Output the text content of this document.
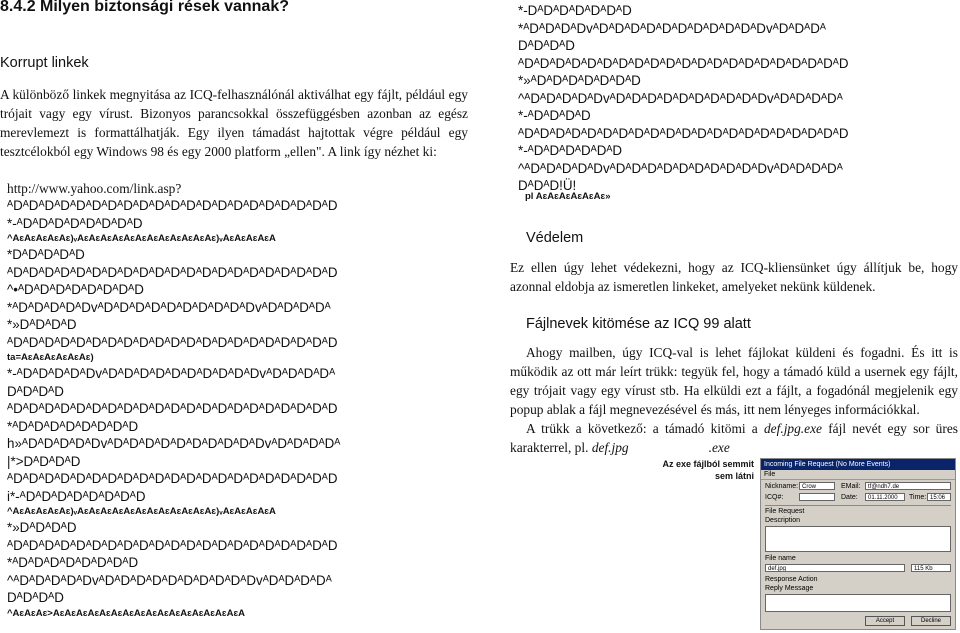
8.4.2 Milyen biztonsági rések vannak?

Korrupt linkek

A különböző linkek megnyitása az ICQ-felhasználónál aktiválhat egy fájlt, például egy trójait vagy egy vírust. Bizonyos parancsokkal összefüggésben azonban az egész merevlemezt is formattálhatják. Egy ilyen támadást hajtottak végre például egy tesztcélokból egy Windows 98 és egy 2000 platform „ellen". A link így nézhet ki:

http://www.yahoo.com/link.asp?
ᴬDᴬDᴬDᴬDᴬDᴬDᴬDᴬDᴬDᴬDᴬDᴬDᴬDᴬDᴬDᴬDᴬDᴬDᴬDᴬDᴬD
*-ᴬDᴬDᴬDᴬDᴬDᴬDᴬDᴬD
^AɛAɛAɛAɛAɛ)ᵥAɛAɛAɛAɛAɛAɛAɛAɛAɛAɛAɛAɛ)ᵥAɛAɛAɛAɛA
*DᴬDᴬDᴬDᴬD
ᴬDᴬDᴬDᴬDᴬDᴬDᴬDᴬDᴬDᴬDᴬDᴬDᴬDᴬDᴬDᴬDᴬDᴬDᴬDᴬDᴬD
^•ᴬDᴬDᴬDᴬDᴬDᴬDᴬDᴬD
*ᴬDᴬDᴬDᴬDᴬDvᴬDᴬDᴬDᴬDᴬDᴬDᴬDᴬDᴬDᴬDvᴬDᴬDᴬDᴬDᴬ
*»DᴬDᴬDᴬD
ᴬDᴬDᴬDᴬDᴬDᴬDᴬDᴬDᴬDᴬDᴬDᴬDᴬDᴬDᴬDᴬDᴬDᴬDᴬDᴬDᴬD
ta=AɛAɛAɛAɛAɛAɛ)
*-ᴬDᴬDᴬDᴬDᴬDvᴬDᴬDᴬDᴬDᴬDᴬDᴬDᴬDᴬDᴬDvᴬDᴬDᴬDᴬDᴬ
DᴬDᴬDᴬD
ᴬDᴬDᴬDᴬDᴬDᴬDᴬDᴬDᴬDᴬDᴬDᴬDᴬDᴬDᴬDᴬDᴬDᴬDᴬDᴬDᴬD
*ᴬDᴬDᴬDᴬDᴬDᴬDᴬDᴬD
h»ᴬDᴬDᴬDᴬDᴬDvᴬDᴬDᴬDᴬDᴬDᴬDᴬDᴬDᴬDᴬDvᴬDᴬDᴬDᴬDᴬ
|*>DᴬDᴬDᴬD
ᴬDᴬDᴬDᴬDᴬDᴬDᴬDᴬDᴬDᴬDᴬDᴬDᴬDᴬDᴬDᴬDᴬDᴬDᴬDᴬDᴬD
i*-ᴬDᴬDᴬDᴬDᴬDᴬDᴬDᴬD
^AɛAɛAɛAɛAɛ)ᵥAɛAɛAɛAɛAɛAɛAɛAɛAɛAɛAɛAɛ)ᵥAɛAɛAɛAɛA
*»DᴬDᴬDᴬD
ᴬDᴬDᴬDᴬDᴬDᴬDᴬDᴬDᴬDᴬDᴬDᴬDᴬDᴬDᴬDᴬDᴬDᴬDᴬDᴬDᴬD
*ᴬDᴬDᴬDᴬDᴬDᴬDᴬDᴬD
^ᴬDᴬDᴬDᴬDᴬDvᴬDᴬDᴬDᴬDᴬDᴬDᴬDᴬDᴬDᴬDvᴬDᴬDᴬDᴬDᴬ
DᴬDᴬDᴬD
^AɛAɛAɛ>AɛAɛAɛAɛAɛAɛAɛAɛAɛAɛAɛAɛAɛAɛAɛAɛA
*-DᴬDᴬDᴬDᴬDᴬDᴬD
*ᴬDᴬDᴬDᴬDvᴬDᴬDᴬDᴬDᴬDᴬDᴬDᴬDᴬDᴬDᴬDvᴬDᴬDᴬDᴬ
DᴬDᴬDᴬD
ᴬDᴬDᴬDᴬDᴬDᴬDᴬDᴬDᴬDᴬDᴬDᴬDᴬDᴬDᴬDᴬDᴬDᴬDᴬDᴬDᴬD
*»ᴬDᴬDᴬDᴬDᴬDᴬDᴬD
^ᴬDᴬDᴬDᴬDᴬDvᴬDᴬDᴬDᴬDᴬDᴬDᴬDᴬDᴬDᴬDvᴬDᴬDᴬDᴬDᴬ
*-ᴬDᴬDᴬDᴬD
ᴬDᴬDᴬDᴬDᴬDᴬDᴬDᴬDᴬDᴬDᴬDᴬDᴬDᴬDᴬDᴬDᴬDᴬDᴬDᴬDᴬD
*-ᴬDᴬDᴬDᴬDᴬDᴬD
^ᴬDᴬDᴬDᴬDᴬDvᴬDᴬDᴬDᴬDᴬDᴬDᴬDᴬDᴬDᴬDvᴬDᴬDᴬDᴬDᴬ
DᴬDᴬD!Ü!
pl AɛAɛAɛAɛAɛAɛ»

Védelem

Ez ellen úgy lehet védekezni, hogy az ICQ-kliensünket úgy állítjuk be, hogy azonnal eldobja az ismeretlen linkeket, amelyeket nekünk küldenek.

Fájlnevek kitömése az ICQ 99 alatt

Ahogy mailben, úgy ICQ-val is lehet fájlokat küldeni és fogadni. És itt is működik az ott már leírt trükk: tegyük fel, hogy a támadó küld a usernek egy fájlt, egy trójait vagy egy vírust stb. Ha elküldi ezt a fájlt, a fogadónál megjelenik egy popup ablak a fájl megnevezésével és más, itt nem lényeges információkkal.

A trükk a következő: a támadó kitömi a def.jpg.exe fájl nevét egy sor üres karakterrel, pl. def.jpg	.exe

Az exe fájlból semmit sem látni
Incoming File Request (No More Events)
File
Nickname: Crow	EMail:	tf@ndh7.de
ICQ#:	Date:	01.11.2000	Time: 15:06
File Request
Description
File name
def.jpg	115 Kb
Response Action
Reply Message
Accept	Decline
